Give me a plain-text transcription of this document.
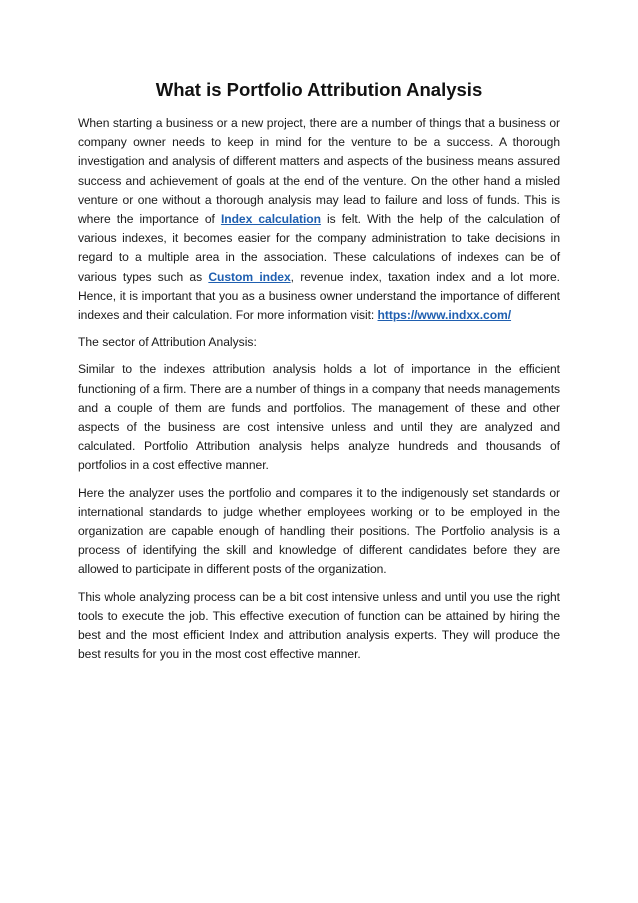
What is Portfolio Attribution Analysis

When starting a business or a new project, there are a number of things that a business or company owner needs to keep in mind for the venture to be a success. A thorough investigation and analysis of different matters and aspects of the business means assured success and achievement of goals at the end of the venture. On the other hand a misled venture or one without a thorough analysis may lead to failure and loss of funds. This is where the importance of Index calculation is felt. With the help of the calculation of various indexes, it becomes easier for the company administration to take decisions in regard to a multiple area in the association. These calculations of indexes can be of various types such as Custom index, revenue index, taxation index and a lot more. Hence, it is important that you as a business owner understand the importance of different indexes and their calculation. For more information visit: https://www.indxx.com/

The sector of Attribution Analysis:

Similar to the indexes attribution analysis holds a lot of importance in the efficient functioning of a firm. There are a number of things in a company that needs managements and a couple of them are funds and portfolios. The management of these and other aspects of the business are cost intensive unless and until they are analyzed and calculated. Portfolio Attribution analysis helps analyze hundreds and thousands of portfolios in a cost effective manner.

Here the analyzer uses the portfolio and compares it to the indigenously set standards or international standards to judge whether employees working or to be employed in the organization are capable enough of handling their positions. The Portfolio analysis is a process of identifying the skill and knowledge of different candidates before they are allowed to participate in different posts of the organization.

This whole analyzing process can be a bit cost intensive unless and until you use the right tools to execute the job. This effective execution of function can be attained by hiring the best and the most efficient Index and attribution analysis experts. They will produce the best results for you in the most cost effective manner.
